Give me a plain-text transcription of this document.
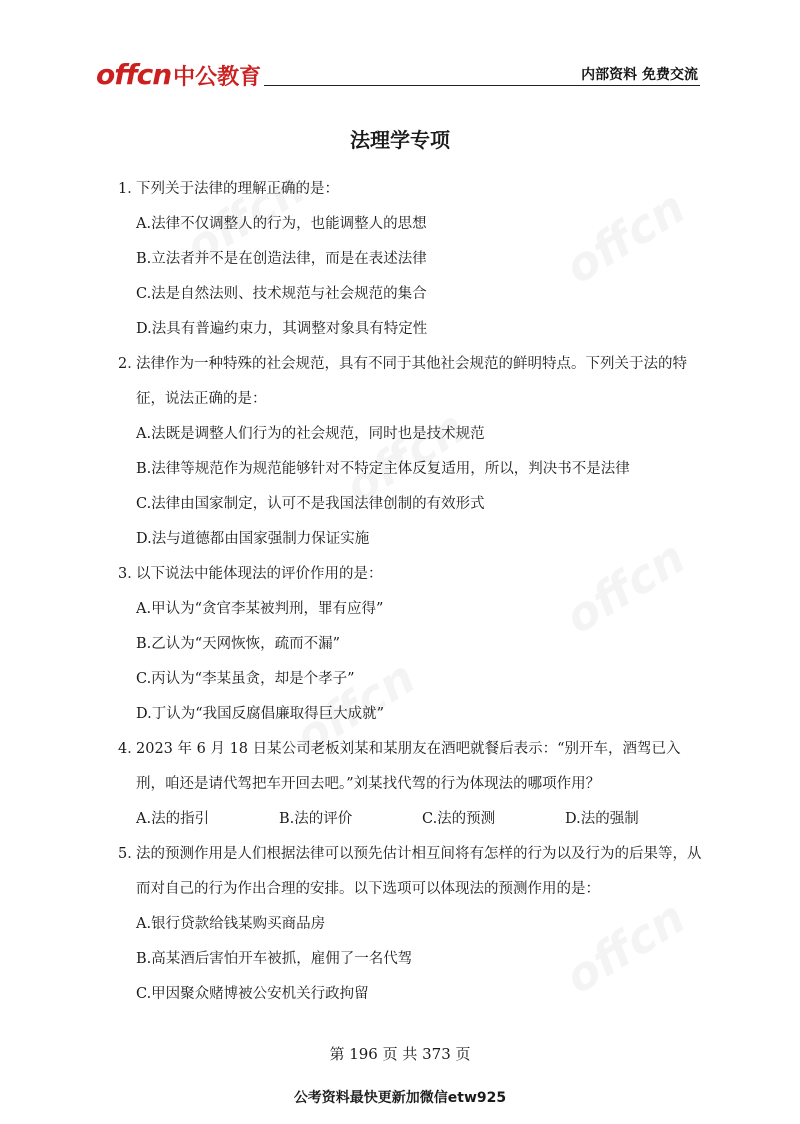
offcn 中公教育	内部资料 免费交流
法理学专项
1．
下列关于法律的理解正确的是：
A.法律不仅调整人的行为，也能调整人的思想
B.立法者并不是在创造法律，而是在表述法律
C.法是自然法则、技术规范与社会规范的集合
D.法具有普遍约束力，其调整对象具有特定性
2．
法律作为一种特殊的社会规范，具有不同于其他社会规范的鲜明特点。下列关于法的特征，说法正确的是：
A.法既是调整人们行为的社会规范，同时也是技术规范
B.法律等规范作为规范能够针对不特定主体反复适用，所以，判决书不是法律
C.法律由国家制定，认可不是我国法律创制的有效形式
D.法与道德都由国家强制力保证实施
3．
以下说法中能体现法的评价作用的是：
A.甲认为“贪官李某被判刑，罪有应得”
B.乙认为“天网恢恢，疏而不漏”
C.丙认为“李某虽贪，却是个孝子”
D.丁认为“我国反腐倡廉取得巨大成就”
4．
2023 年 6 月 18 日某公司老板刘某和某朋友在酒吧就餐后表示：“别开车，酒驾已入刑，咱还是请代驾把车开回去吧。”刘某找代驾的行为体现法的哪项作用？
A.法的指引	B.法的评价	C.法的预测	D.法的强制
5．
法的预测作用是人们根据法律可以预先估计相互间将有怎样的行为以及行为的后果等，从而对自己的行为作出合理的安排。以下选项可以体现法的预测作用的是：
A.银行贷款给钱某购买商品房
B.高某酒后害怕开车被抓，雇佣了一名代驾
C.甲因聚众赌博被公安机关行政拘留
第 196 页 共 373 页
公考资料最快更新加微信etw925
